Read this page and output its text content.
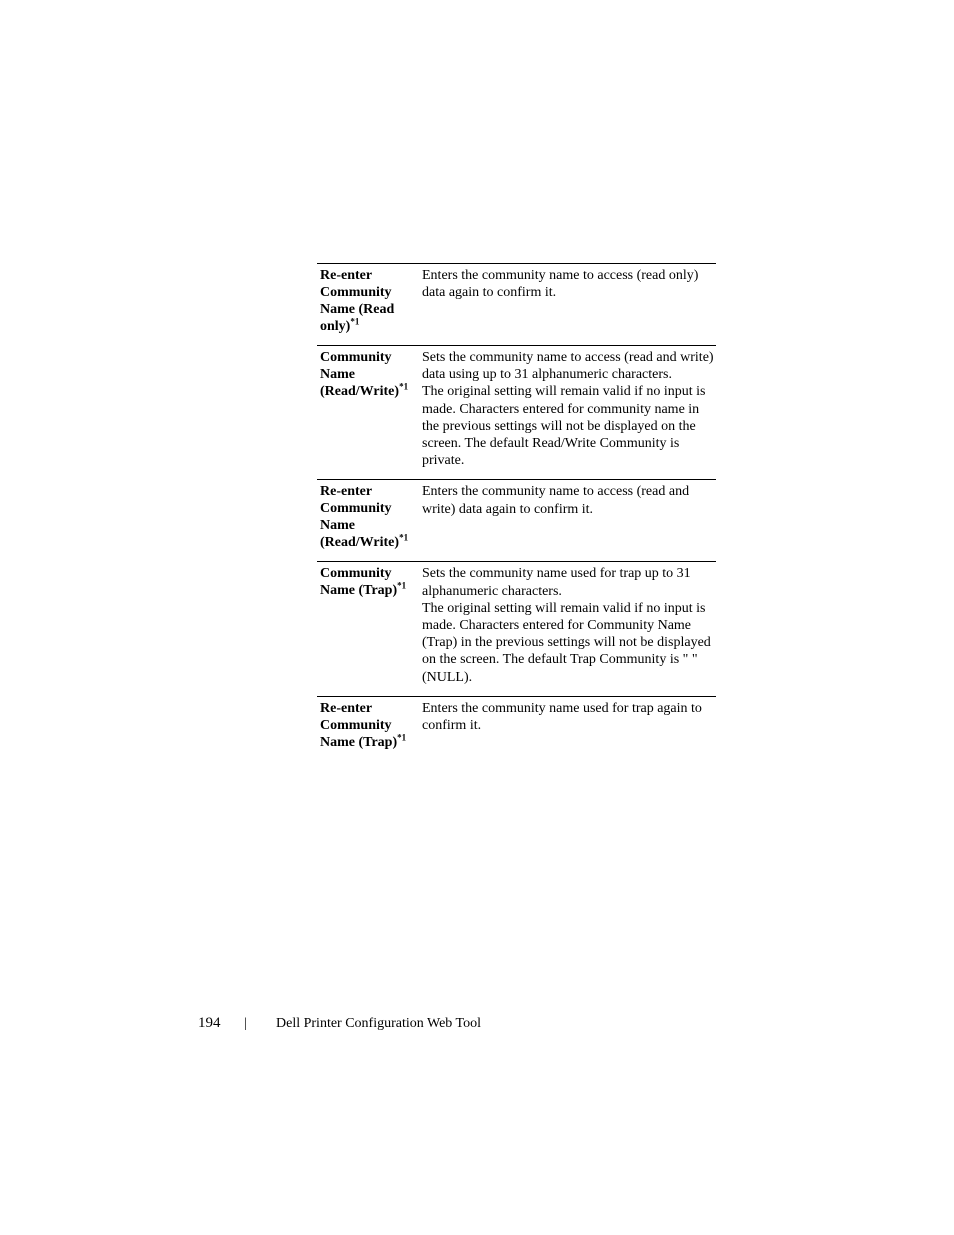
Re-enter Community Name (Read only)$^{*1}$

Enters the community name to access (read only) data again to confirm it.

Community Name (Read/Write)$^{*1}$

Sets the community name to access (read and write) data using up to 31 alphanumeric characters.

The original setting will remain valid if no input is made. Characters entered for community name in the previous settings will not be displayed on the screen. The default Read/Write Community is private.

Re-enter Community Name (Read/Write)$^{*1}$

Enters the community name to access (read and write) data again to confirm it.

Community Name (Trap)$^{*1}$

Sets the community name used for trap up to 31 alphanumeric characters.

The original setting will remain valid if no input is made. Characters entered for Community Name (Trap) in the previous settings will not be displayed on the screen. The default Trap Community is " " (NULL).

Re-enter Community Name (Trap)$^{*1}$

Enters the community name used for trap again to confirm it.

194	|	Dell Printer Configuration Web Tool
